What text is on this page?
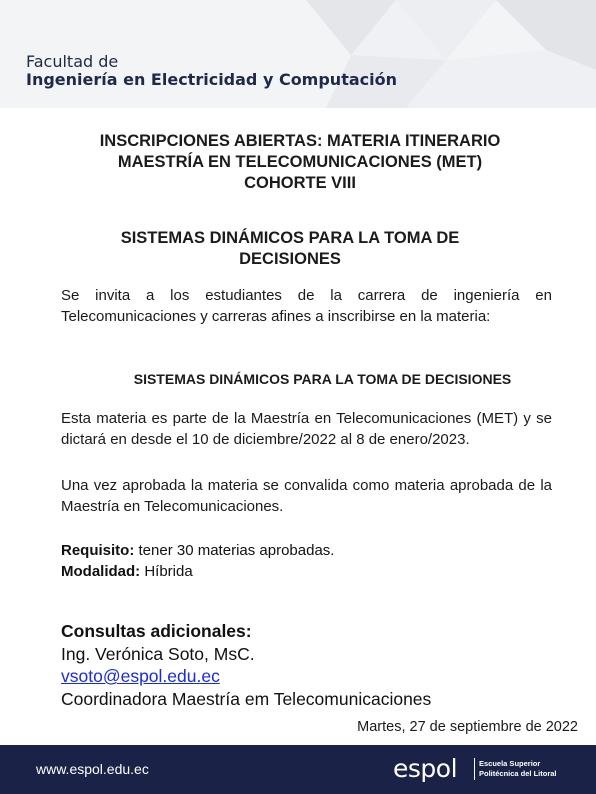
Facultad de
Ingeniería en Electricidad y Computación
INSCRIPCIONES ABIERTAS: MATERIA ITINERARIO
MAESTRÍA EN TELECOMUNICACIONES (MET)
COHORTE VIII
SISTEMAS DINÁMICOS PARA LA TOMA DE
DECISIONES
Se invita a los estudiantes de la carrera de ingeniería en Telecomunicaciones y carreras afines a inscribirse en la materia:
SISTEMAS DINÁMICOS PARA LA TOMA DE DECISIONES
Esta materia es parte de la Maestría en Telecomunicaciones (MET) y se dictará en desde el 10 de diciembre/2022 al 8 de enero/2023.
Una vez aprobada la materia se convalida como materia aprobada de la Maestría en Telecomunicaciones.
Requisito: tener 30 materias aprobadas.
Modalidad: Híbrida
Consultas adicionales:
Ing. Verónica Soto, MsC.
vsoto@espol.edu.ec
Coordinadora Maestría em Telecomunicaciones
Martes, 27 de septiembre de 2022
www.espol.edu.ec	espol	Escuela Superior
Politécnica del Litoral
